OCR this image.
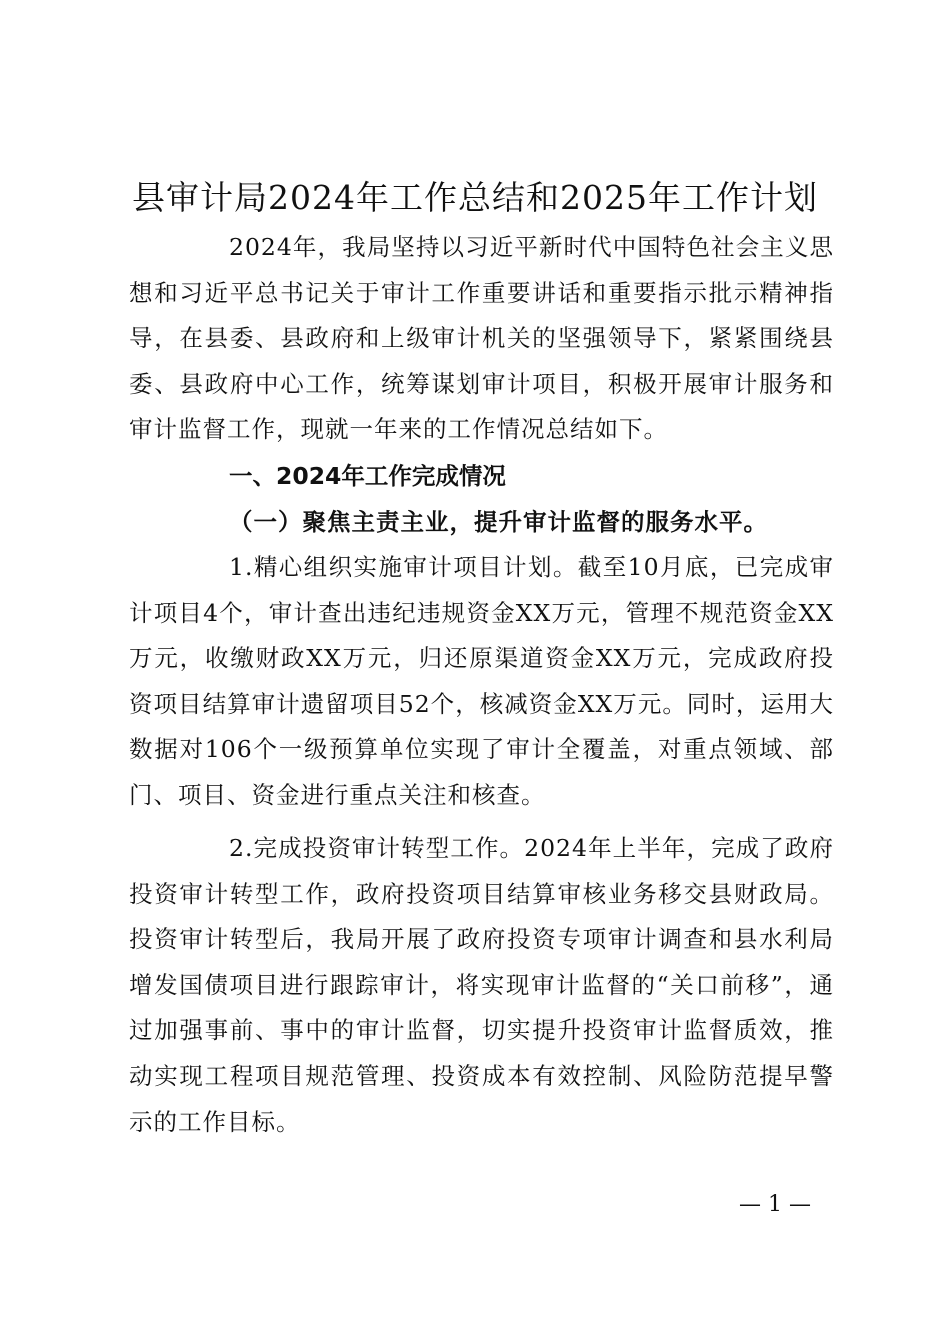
县审计局2024年工作总结和2025年工作计划
2024年，我局坚持以习近平新时代中国特色社会主义思想和习近平总书记关于审计工作重要讲话和重要指示批示精神指导，在县委、县政府和上级审计机关的坚强领导下，紧紧围绕县委、县政府中心工作，统筹谋划审计项目，积极开展审计服务和审计监督工作，现就一年来的工作情况总结如下。
一、2024年工作完成情况
（一）聚焦主责主业，提升审计监督的服务水平。
1.精心组织实施审计项目计划。截至10月底，已完成审计项目4个，审计查出违纪违规资金XX万元，管理不规范资金XX万元，收缴财政XX万元，归还原渠道资金XX万元，完成政府投资项目结算审计遗留项目52个，核减资金XX万元。同时，运用大数据对106个一级预算单位实现了审计全覆盖，对重点领域、部门、项目、资金进行重点关注和核查。
2.完成投资审计转型工作。2024年上半年，完成了政府投资审计转型工作，政府投资项目结算审核业务移交县财政局。投资审计转型后，我局开展了政府投资专项审计调查和县水利局增发国债项目进行跟踪审计，将实现审计监督的“关口前移”，通过加强事前、事中的审计监督，切实提升投资审计监督质效，推动实现工程项目规范管理、投资成本有效控制、风险防范提早警示的工作目标。
— 1 —
